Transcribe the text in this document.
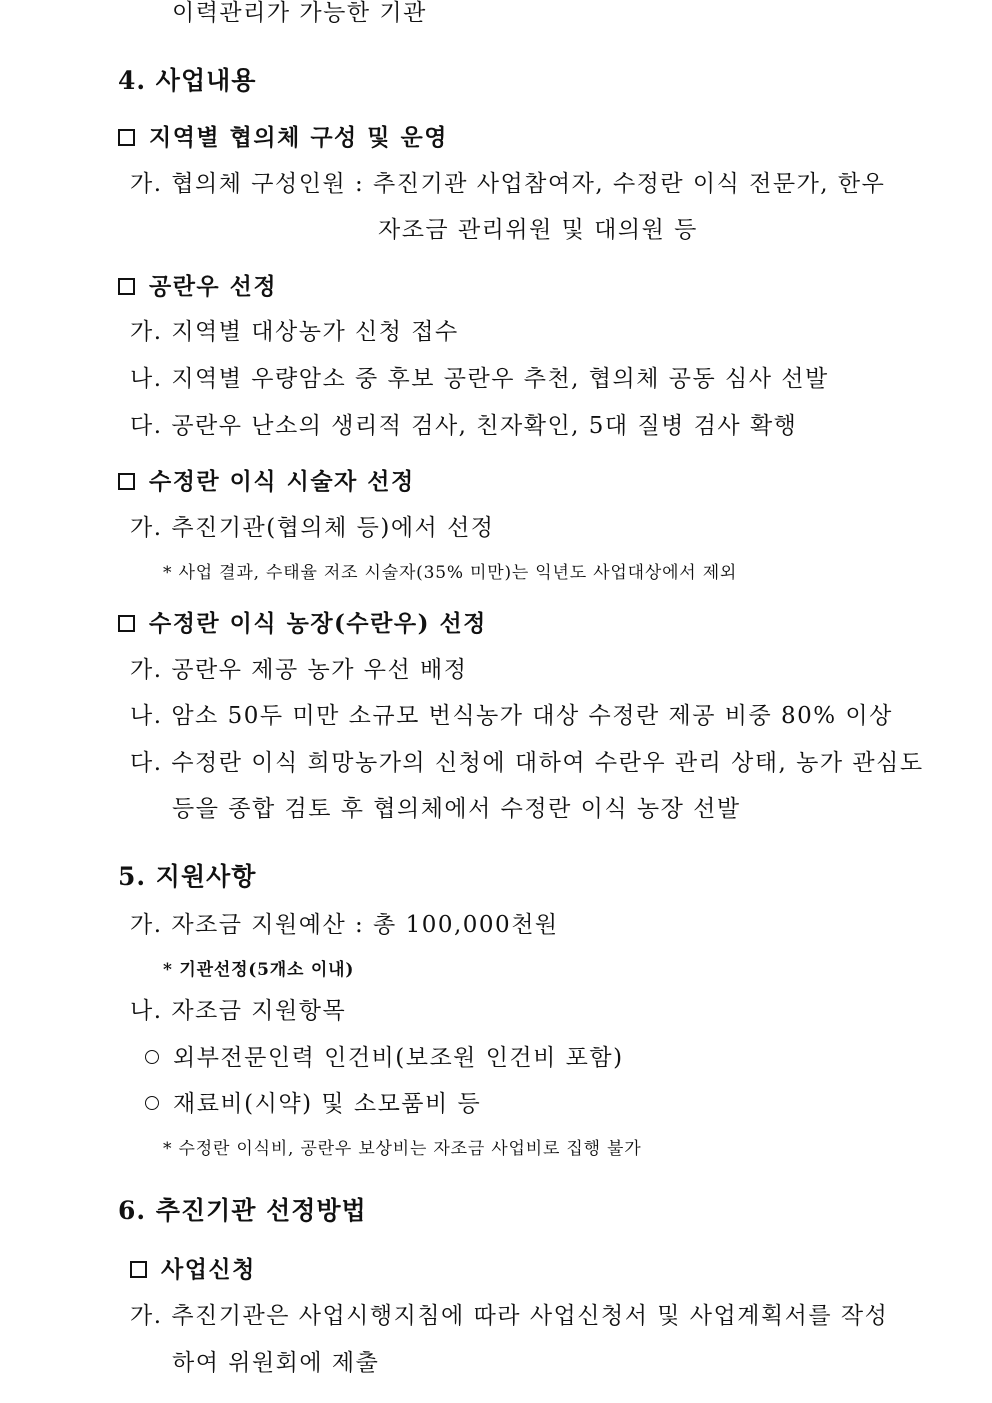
이력관리가 가능한 기관
4. 사업내용
지역별 협의체 구성 및 운영
가. 협의체 구성인원 : 추진기관 사업참여자, 수정란 이식 전문가, 한우
자조금 관리위원 및 대의원 등
공란우 선정
가. 지역별 대상농가 신청 접수
나. 지역별 우량암소 중 후보 공란우 추천, 협의체 공동 심사 선발
다. 공란우 난소의 생리적 검사, 친자확인, 5대 질병 검사 확행
수정란 이식 시술자 선정
가. 추진기관(협의체 등)에서 선정
* 사업 결과, 수태율 저조 시술자(35% 미만)는 익년도 사업대상에서 제외
수정란 이식 농장(수란우) 선정
가. 공란우 제공 농가 우선 배정
나. 암소 50두 미만 소규모 번식농가 대상 수정란 제공 비중 80% 이상
다. 수정란 이식 희망농가의 신청에 대하여 수란우 관리 상태, 농가 관심도
등을 종합 검토 후 협의체에서 수정란 이식 농장 선발
5. 지원사항
가. 자조금 지원예산 : 총 100,000천원
* 기관선정(5개소 이내)
나. 자조금 지원항목
외부전문인력 인건비(보조원 인건비 포함)
재료비(시약) 및 소모품비 등
* 수정란 이식비, 공란우 보상비는 자조금 사업비로 집행 불가
6. 추진기관 선정방법
사업신청
가. 추진기관은 사업시행지침에 따라 사업신청서 및 사업계획서를 작성
하여 위원회에 제출
